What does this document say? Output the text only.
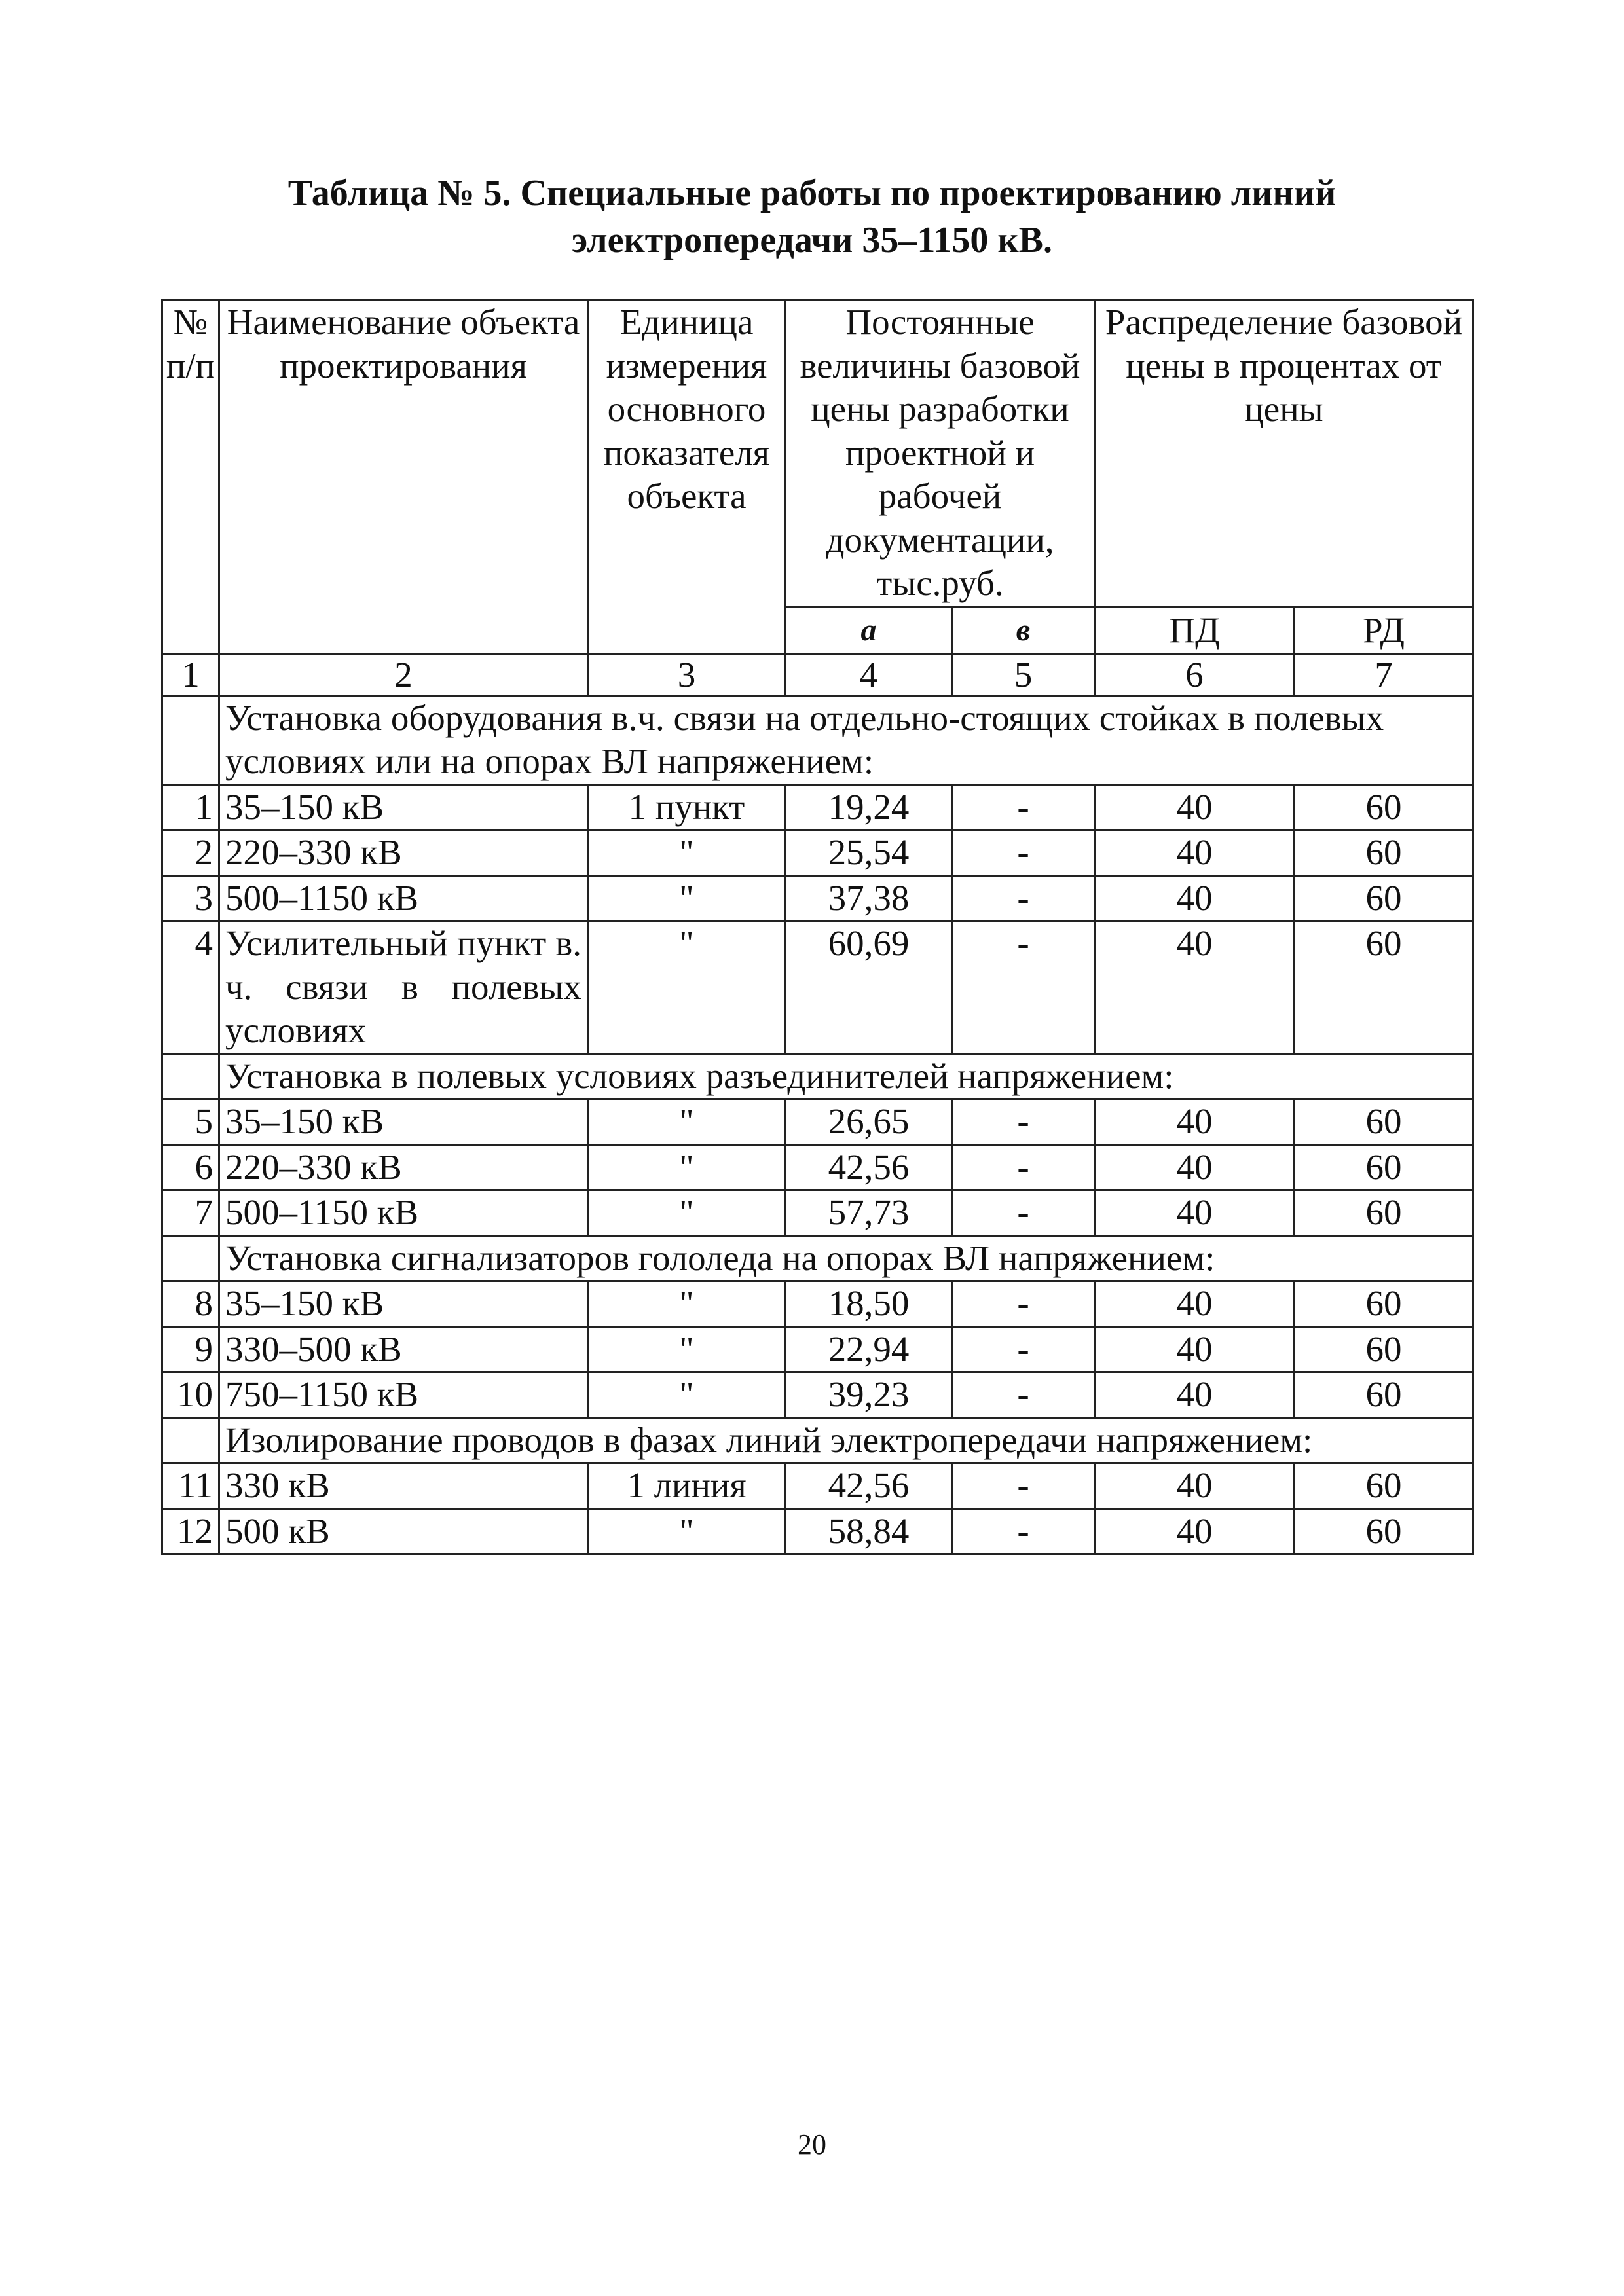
Таблица № 5. Специальные работы по проектированию линий
электропередачи 35–1150 кВ.
№ п/п	Наименование объекта проектирования	Единица измерения основного показателя объекта	Постоянные величины базовой цены разработки проектной и рабочей документации, тыс.руб.		Распределение базовой цены в процентах от цены	
			а	в	ПД	РД
1	2	3	4	5	6	7
	Установка оборудования в.ч. связи на отдельно-стоящих стойках в полевых условиях или на опорах ВЛ напряжением:					
1	35–150 кВ	1 пункт	19,24	-	40	60
2	220–330 кВ	"	25,54	-	40	60
3	500–1150 кВ	"	37,38	-	40	60
4	Усилительный пункт в. ч. связи в полевых условиях	"	60,69	-	40	60
	Установка в полевых условиях разъединителей напряжением:					
5	35–150 кВ	"	26,65	-	40	60
6	220–330 кВ	"	42,56	-	40	60
7	500–1150 кВ	"	57,73	-	40	60
	Установка сигнализаторов гололеда на опорах ВЛ напряжением:					
8	35–150 кВ	"	18,50	-	40	60
9	330–500 кВ	"	22,94	-	40	60
10	750–1150 кВ	"	39,23	-	40	60
	Изолирование проводов в фазах линий электропередачи напряжением:					
11	330 кВ	1 линия	42,56	-	40	60
12	500 кВ	"	58,84	-	40	60
20
